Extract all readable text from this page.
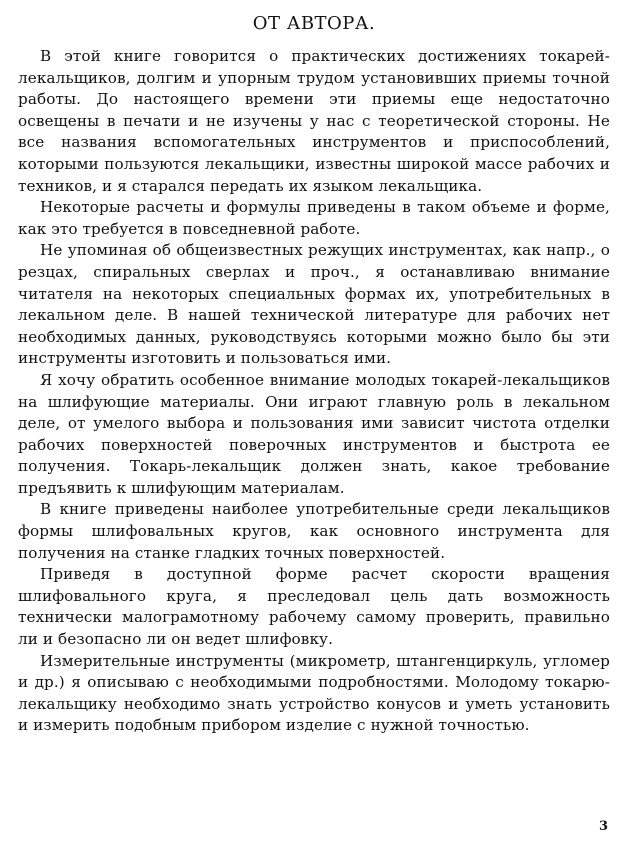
ОТ АВТОРА.

В этой книге говорится о практических достижениях токарей-лекальщиков, долгим и упорным трудом установивших приемы точной работы. До настоящего времени эти приемы еще недостаточно освещены в печати и не изучены у нас с теоретической стороны. Не все названия вспомогательных инструментов и приспособлений, которыми пользуются лекальщики, известны широкой массе рабочих и техников, и я старался передать их языком лекальщика.

Некоторые расчеты и формулы приведены в таком объеме и форме, как это требуется в повседневной работе.

Не упоминая об общеизвестных режущих инструментах, как напр., о резцах, спиральных сверлах и проч., я останавливаю внимание читателя на некоторых специальных формах их, употребительных в лекальном деле. В нашей технической литературе для рабочих нет необходимых данных, руководствуясь которыми можно было бы эти инструменты изготовить и пользоваться ими.

Я хочу обратить особенное внимание молодых токарей-лекальщиков на шлифующие материалы. Они играют главную роль в лекальном деле, от умелого выбора и пользования ими зависит чистота отделки рабочих поверхностей поверочных инструментов и быстрота ее получения. Токарь-лекальщик должен знать, какое требование предъявить к шлифующим материалам.

В книге приведены наиболее употребительные среди лекальщиков формы шлифовальных кругов, как основного инструмента для получения на станке гладких точных поверхностей.

Приведя в доступной форме расчет скорости вращения шлифовального круга, я преследовал цель дать возможность технически малограмотному рабочему самому проверить, правильно ли и безопасно ли он ведет шлифовку.

Измерительные инструменты (микрометр, штангенциркуль, угломер и др.) я описываю с необходимыми подробностями. Молодому токарю-лекальщику необходимо знать устройство конусов и уметь установить и измерить подобным прибором изделие с нужной точностью.

3
